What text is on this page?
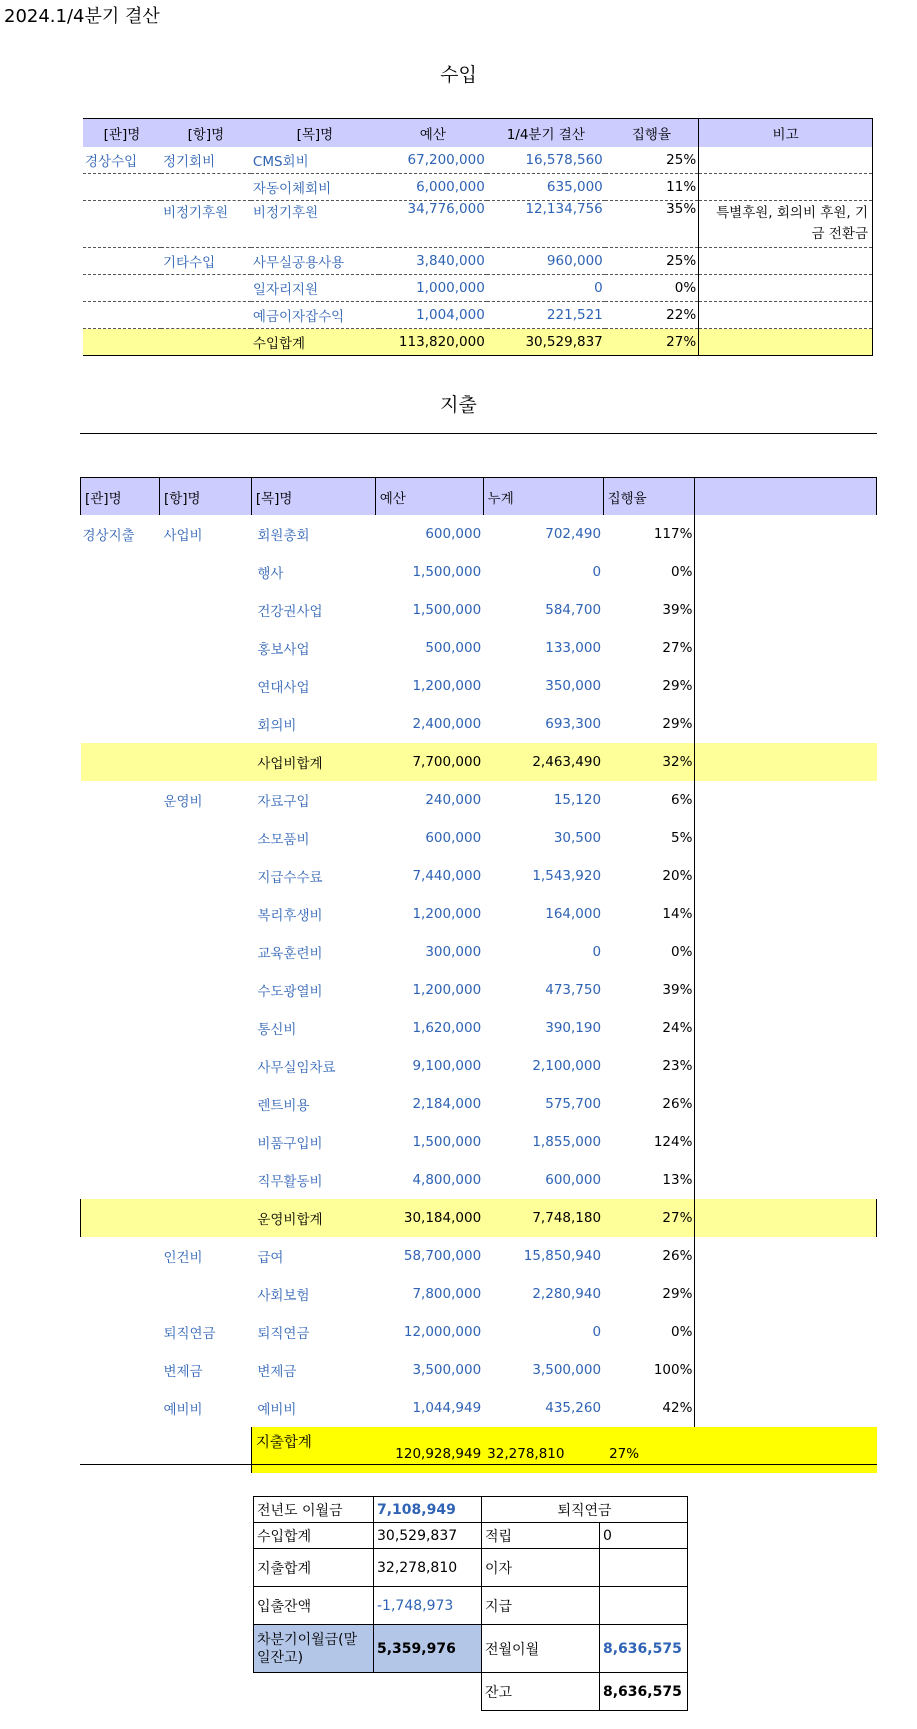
2024.1/4분기 결산
수입
[관]명	[항]명	[목]명	예산	1/4분기 결산	집행율	비고
경상수입	정기회비	CMS회비	67,200,000	16,578,560	25%	
		자동이체회비	6,000,000	635,000	11%	
	비정기후원	비정기후원	34,776,000	12,134,756	35%	특별후원, 회의비 후원, 기금 전환금
	기타수입	사무실공용사용	3,840,000	960,000	25%	
		일자리지원	1,000,000	0	0%	
		예금이자잡수익	1,004,000	221,521	22%	
		수입합계	113,820,000	30,529,837	27%	
지출
[관]명	[항]명	[목]명	예산	누계	집행율	
경상지출	사업비	회원총회	600,000	702,490	117%	
		행사	1,500,000	0	0%	
		건강권사업	1,500,000	584,700	39%	
		홍보사업	500,000	133,000	27%	
		연대사업	1,200,000	350,000	29%	
		회의비	2,400,000	693,300	29%	
		사업비합계	7,700,000	2,463,490	32%	
	운영비	자료구입	240,000	15,120	6%	
		소모품비	600,000	30,500	5%	
		지급수수료	7,440,000	1,543,920	20%	
		복리후생비	1,200,000	164,000	14%	
		교육훈련비	300,000	0	0%	
		수도광열비	1,200,000	473,750	39%	
		통신비	1,620,000	390,190	24%	
		사무실임차료	9,100,000	2,100,000	23%	
		렌트비용	2,184,000	575,700	26%	
		비품구입비	1,500,000	1,855,000	124%	
		직무활동비	4,800,000	600,000	13%	
		운영비합계	30,184,000	7,748,180	27%	
	인건비	급여	58,700,000	15,850,940	26%	
		사회보험	7,800,000	2,280,940	29%	
	퇴직연금	퇴직연금	12,000,000	0	0%	
	변제금	변제금	3,500,000	3,500,000	100%	
	예비비	예비비	1,044,949	435,260	42%	
		지출합계	120,928,949	32,278,810	27%	
전년도 이월금	7,108,949	퇴직연금	
수입합계	30,529,837	적립	0
지출합계	32,278,810	이자	
입출잔액	-1,748,973	지급	
차분기이월금(말일잔고)	5,359,976	전월이월	8,636,575
		잔고	8,636,575
